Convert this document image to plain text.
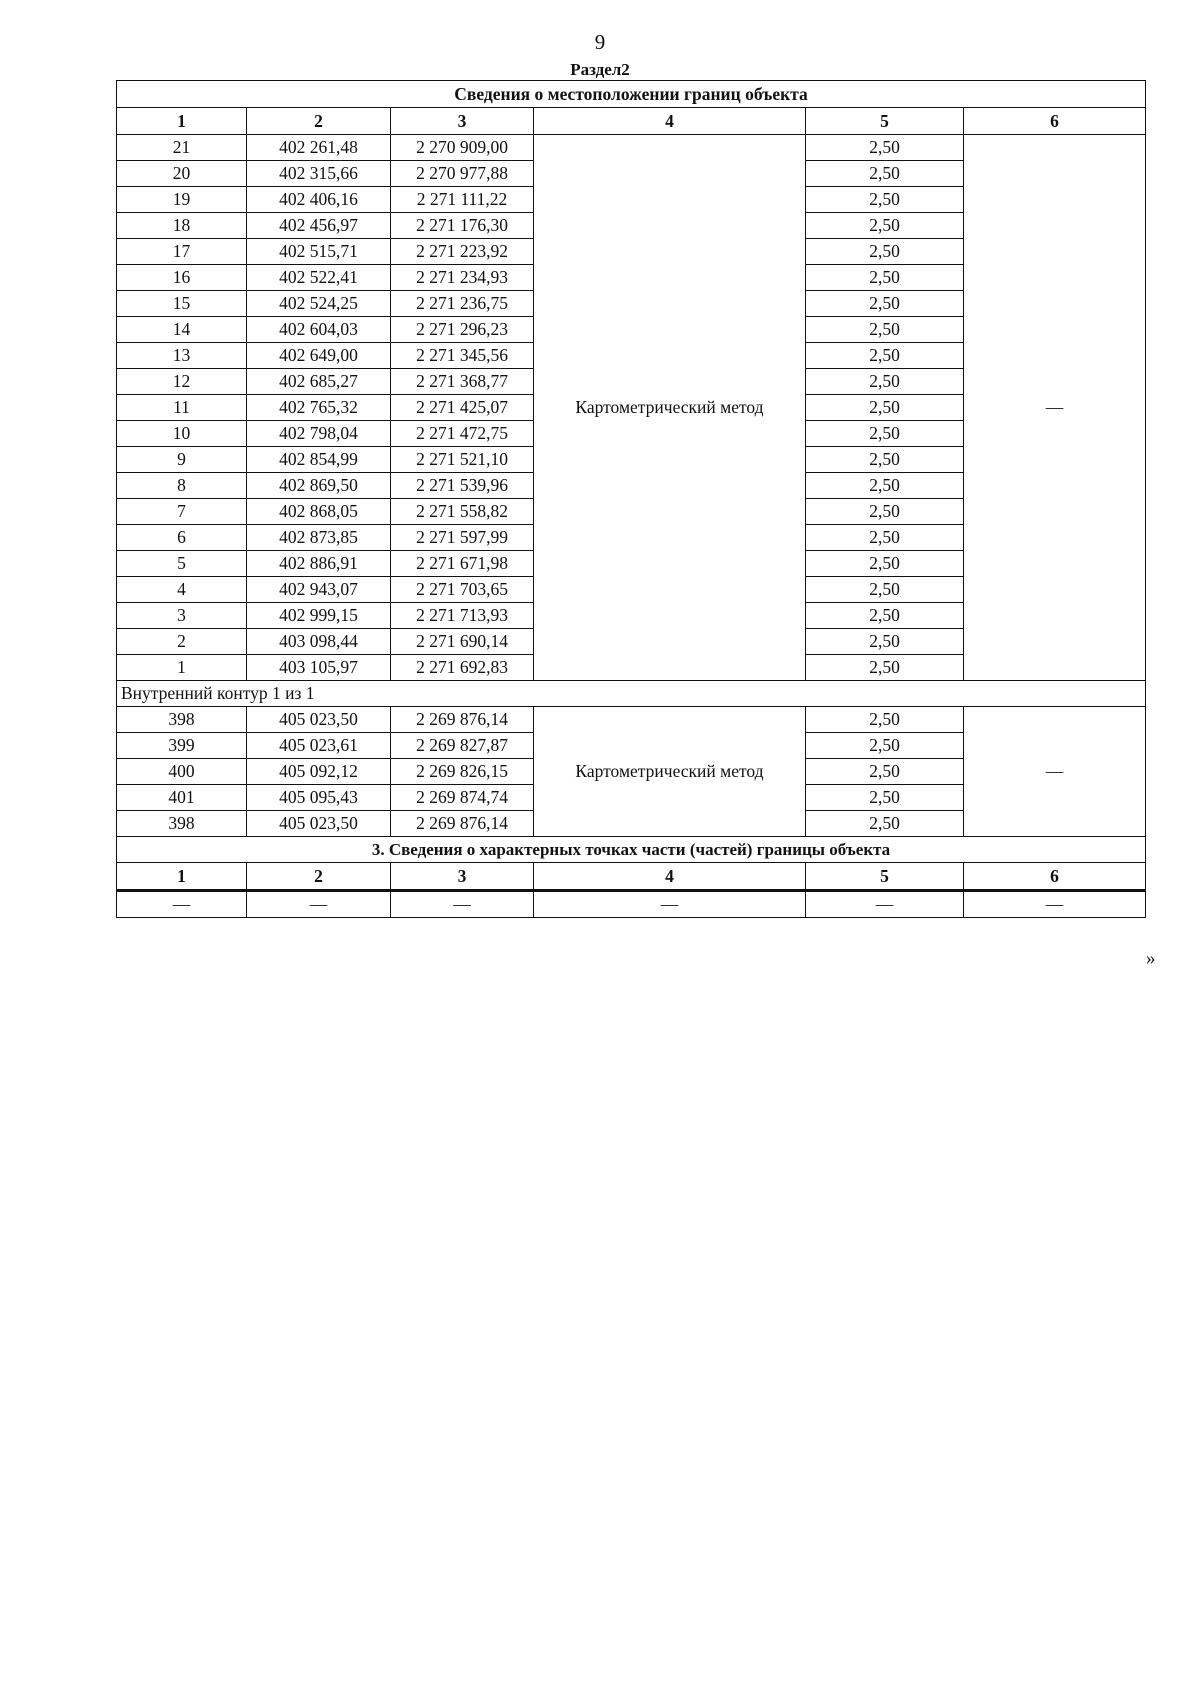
9
Раздел2
Сведения о местоположении границ объекта					
1	2	3	4	5	6
21	402 261,48	2 270 909,00	Картометрический метод	2,50	—
20	402 315,66	2 270 977,88		2,50	
19	402 406,16	2 271 111,22		2,50	
18	402 456,97	2 271 176,30		2,50	
17	402 515,71	2 271 223,92		2,50	
16	402 522,41	2 271 234,93		2,50	
15	402 524,25	2 271 236,75		2,50	
14	402 604,03	2 271 296,23		2,50	
13	402 649,00	2 271 345,56		2,50	
12	402 685,27	2 271 368,77		2,50	
11	402 765,32	2 271 425,07		2,50	
10	402 798,04	2 271 472,75		2,50	
9	402 854,99	2 271 521,10		2,50	
8	402 869,50	2 271 539,96		2,50	
7	402 868,05	2 271 558,82		2,50	
6	402 873,85	2 271 597,99		2,50	
5	402 886,91	2 271 671,98		2,50	
4	402 943,07	2 271 703,65		2,50	
3	402 999,15	2 271 713,93		2,50	
2	403 098,44	2 271 690,14		2,50	
1	403 105,97	2 271 692,83		2,50	
Внутренний контур 1 из 1					
398	405 023,50	2 269 876,14	Картометрический метод	2,50	—
399	405 023,61	2 269 827,87		2,50	
400	405 092,12	2 269 826,15		2,50	
401	405 095,43	2 269 874,74		2,50	
398	405 023,50	2 269 876,14		2,50	
3. Сведения о характерных точках части (частей) границы объекта					
1	2	3	4	5	6
—	—	—	—	—	—
»
